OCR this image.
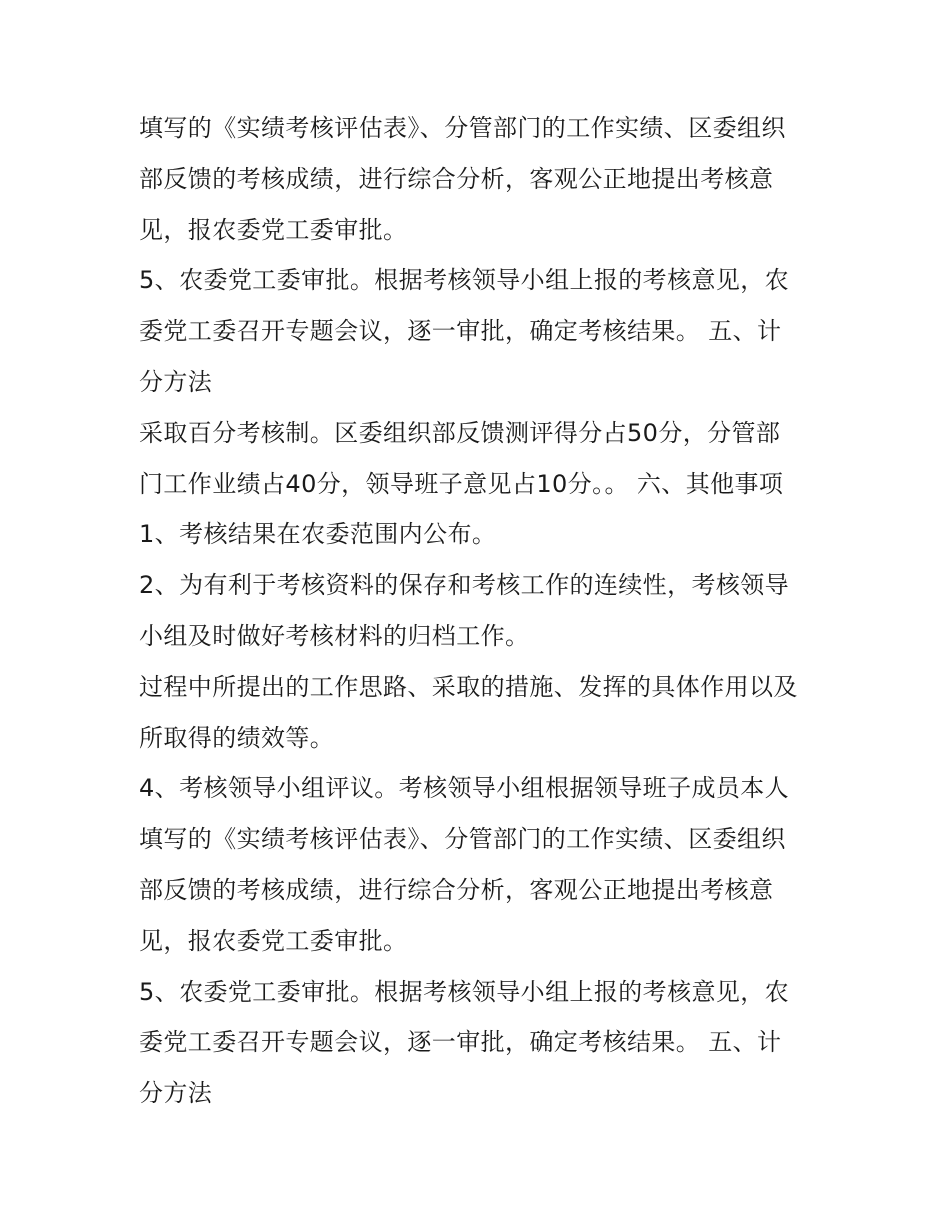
填写的《实绩考核评估表》、分管部门的工作实绩、区委组织
部反馈的考核成绩，进行综合分析，客观公正地提出考核意
见，报农委党工委审批。
5、农委党工委审批。根据考核领导小组上报的考核意见，农
委党工委召开专题会议，逐一审批，确定考核结果。 五、计
分方法
采取百分考核制。区委组织部反馈测评得分占50分，分管部
门工作业绩占40分，领导班子意见占10分。。 六、其他事项
1、考核结果在农委范围内公布。
2、为有利于考核资料的保存和考核工作的连续性，考核领导
小组及时做好考核材料的归档工作。
过程中所提出的工作思路、采取的措施、发挥的具体作用以及
所取得的绩效等。
4、考核领导小组评议。考核领导小组根据领导班子成员本人
填写的《实绩考核评估表》、分管部门的工作实绩、区委组织
部反馈的考核成绩，进行综合分析，客观公正地提出考核意
见，报农委党工委审批。
5、农委党工委审批。根据考核领导小组上报的考核意见，农
委党工委召开专题会议，逐一审批，确定考核结果。 五、计
分方法
